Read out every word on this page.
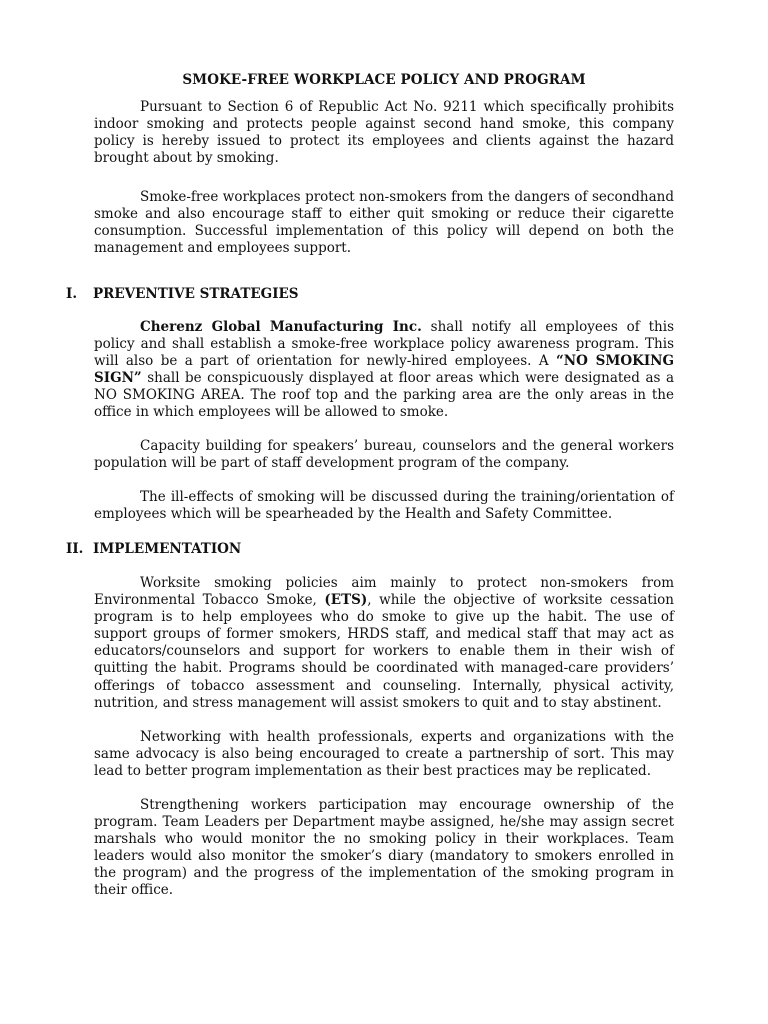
SMOKE-FREE WORKPLACE POLICY AND PROGRAM

Pursuant to Section 6 of Republic Act No. 9211 which specifically prohibits indoor smoking and protects people against second hand smoke, this company policy is hereby issued to protect its employees and clients against the hazard brought about by smoking.

Smoke-free workplaces protect non-smokers from the dangers of secondhand smoke and also encourage staff to either quit smoking or reduce their cigarette consumption. Successful implementation of this policy will depend on both the management and employees support.

I. PREVENTIVE STRATEGIES

Cherenz Global Manufacturing Inc. shall notify all employees of this policy and shall establish a smoke-free workplace policy awareness program. This will also be a part of orientation for newly-hired employees. A “NO SMOKING SIGN” shall be conspicuously displayed at floor areas which were designated as a NO SMOKING AREA. The roof top and the parking area are the only areas in the office in which employees will be allowed to smoke.

Capacity building for speakers’ bureau, counselors and the general workers population will be part of staff development program of the company.

The ill-effects of smoking will be discussed during the training/orientation of employees which will be spearheaded by the Health and Safety Committee.

II. IMPLEMENTATION

Worksite smoking policies aim mainly to protect non-smokers from Environmental Tobacco Smoke, (ETS), while the objective of worksite cessation program is to help employees who do smoke to give up the habit. The use of support groups of former smokers, HRDS staff, and medical staff that may act as educators/counselors and support for workers to enable them in their wish of quitting the habit. Programs should be coordinated with managed-care providers’ offerings of tobacco assessment and counseling. Internally, physical activity, nutrition, and stress management will assist smokers to quit and to stay abstinent.

Networking with health professionals, experts and organizations with the same advocacy is also being encouraged to create a partnership of sort. This may lead to better program implementation as their best practices may be replicated.

Strengthening workers participation may encourage ownership of the program. Team Leaders per Department maybe assigned, he/she may assign secret marshals who would monitor the no smoking policy in their workplaces. Team leaders would also monitor the smoker’s diary (mandatory to smokers enrolled in the program) and the progress of the implementation of the smoking program in their office.
